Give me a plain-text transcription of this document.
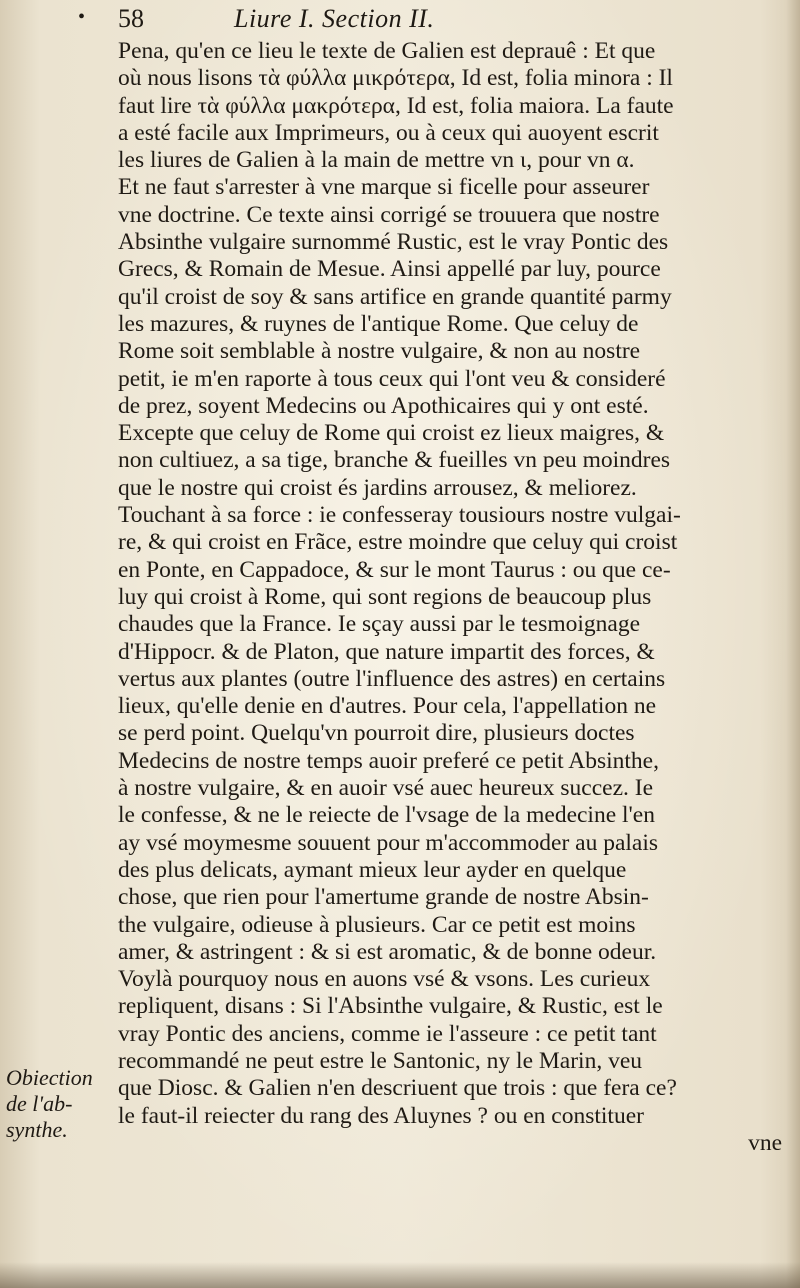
• 58	Liure I. Section II.
Obiection
de l'ab-
synthe.
Pena, qu'en ce lieu le texte de Galien est deprauê : Et que
où nous lisons τὰ φύλλα μικρότερα, Id est, folia minora : Il
faut lire τὰ φύλλα μακρότερα, Id est, folia maiora. La faute
a esté facile aux Imprimeurs, ou à ceux qui auoyent escrit
les liures de Galien à la main de mettre vn ι, pour vn α.
Et ne faut s'arrester à vne marque si ficelle pour asseurer
vne doctrine. Ce texte ainsi corrigé se trouuera que nostre
Absinthe vulgaire surnommé Rustic, est le vray Pontic des
Grecs, & Romain de Mesue. Ainsi appellé par luy, pource
qu'il croist de soy & sans artifice en grande quantité parmy
les mazures, & ruynes de l'antique Rome. Que celuy de
Rome soit semblable à nostre vulgaire, & non au nostre
petit, ie m'en raporte à tous ceux qui l'ont veu & consideré
de prez, soyent Medecins ou Apothicaires qui y ont esté.
Excepte que celuy de Rome qui croist ez lieux maigres, &
non cultiuez, a sa tige, branche & fueilles vn peu moindres
que le nostre qui croist és jardins arrousez, & meliorez.
Touchant à sa force : ie confesseray tousiours nostre vulgai-
re, & qui croist en Frãce, estre moindre que celuy qui croist
en Ponte, en Cappadoce, & sur le mont Taurus : ou que ce-
luy qui croist à Rome, qui sont regions de beaucoup plus
chaudes que la France. Ie sçay aussi par le tesmoignage
d'Hippocr. & de Platon, que nature impartit des forces, &
vertus aux plantes (outre l'influence des astres) en certains
lieux, qu'elle denie en d'autres. Pour cela, l'appellation ne
se perd point. Quelqu'vn pourroit dire, plusieurs doctes
Medecins de nostre temps auoir preferé ce petit Absinthe,
à nostre vulgaire, & en auoir vsé auec heureux succez. Ie
le confesse, & ne le reiecte de l'vsage de la medecine l'en
ay vsé moymesme souuent pour m'accommoder au palais
des plus delicats, aymant mieux leur ayder en quelque
chose, que rien pour l'amertume grande de nostre Absin-
the vulgaire, odieuse à plusieurs. Car ce petit est moins
amer, & astringent : & si est aromatic, & de bonne odeur.
Voylà pourquoy nous en auons vsé & vsons. Les curieux
repliquent, disans : Si l'Absinthe vulgaire, & Rustic, est le
vray Pontic des anciens, comme ie l'asseure : ce petit tant
recommandé ne peut estre le Santonic, ny le Marin, veu
que Diosc. & Galien n'en descriuent que trois : que fera ce?
le faut-il reiecter du rang des Aluynes ? ou en constituer
vne
